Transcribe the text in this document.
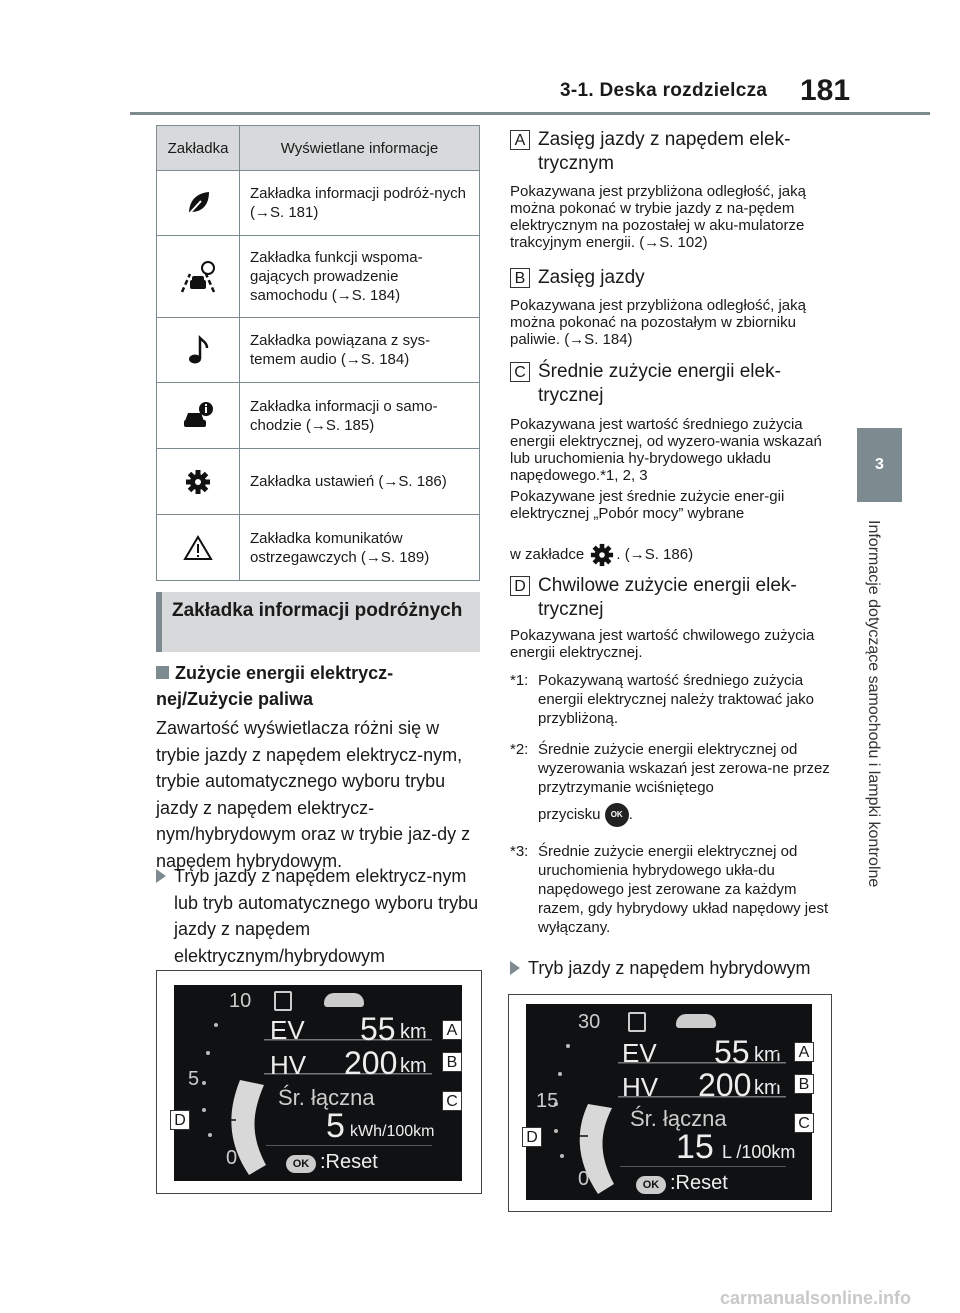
3-1. Deska rozdzielcza 181
3
Informacje dotyczące samochodu i lampki kontrolne
Zakładka	Wyświetlane informacje

	Zakładka informacji podróż-nych (→S. 181)

	Zakładka funkcji wspoma-gających prowadzenie samochodu (→S. 184)

	Zakładka powiązana z sys-temem audio (→S. 184)

	Zakładka informacji o samo-chodzie (→S. 185)

	Zakładka ustawień (→S. 186)

	Zakładka komunikatów ostrzegawczych (→S. 189)
Zakładka informacji podróżnych
Zużycie energii elektrycz-nej/Zużycie paliwa
Zawartość wyświetlacza różni się w trybie jazdy z napędem elektrycz-nym, trybie automatycznego wyboru trybu jazdy z napędem elektrycz-nym/hybrydowym oraz w trybie jaz-dy z napędem hybrydowym.
Tryb jazdy z napędem elektrycz-nym lub tryb automatycznego wyboru trybu jazdy z napędem elektrycznym/hybrydowym
10
5
0
EV 55 km
HV 200 km
Śr. łączna
5 kWh/100km
OK :Reset
A
B
C
D
A Zasięg jazdy z napędem elek-trycznym
Pokazywana jest przybliżona odległość, jaką można pokonać w trybie jazdy z na-pędem elektrycznym na pozostałej w aku-mulatorze trakcyjnym energii. (→S. 102)
B Zasięg jazdy
Pokazywana jest przybliżona odległość, jaką można pokonać na pozostałym w zbiorniku paliwie. (→S. 184)
C Średnie zużycie energii elek-trycznej
Pokazywana jest wartość średniego zużycia energii elektrycznej, od wyzero-wania wskazań lub uruchomienia hy-brydowego układu napędowego.*1, 2, 3
Pokazywane jest średnie zużycie ener-gii elektrycznej „Pobór mocy” wybrane
w zakładce . (→S. 186)
D Chwilowe zużycie energii elek-trycznej
Pokazywana jest wartość chwilowego zużycia energii elektrycznej.
*1: Pokazywaną wartość średniego zużycia energii elektrycznej należy traktować jako przybliżoną.
*2: Średnie zużycie energii elektrycznej od wyzerowania wskazań jest zerowa-ne przez przytrzymanie wciśniętego
przycisku OK .
*3: Średnie zużycie energii elektrycznej od uruchomienia hybrydowego ukła-du napędowego jest zerowane za każdym razem, gdy hybrydowy układ napędowy jest wyłączany.
Tryb jazdy z napędem hybrydowym
30
15
0
EV 55 km
HV 200 km
Śr. łączna
15 L /100km
OK :Reset
A
B
C
D
carmanualsonline.info
